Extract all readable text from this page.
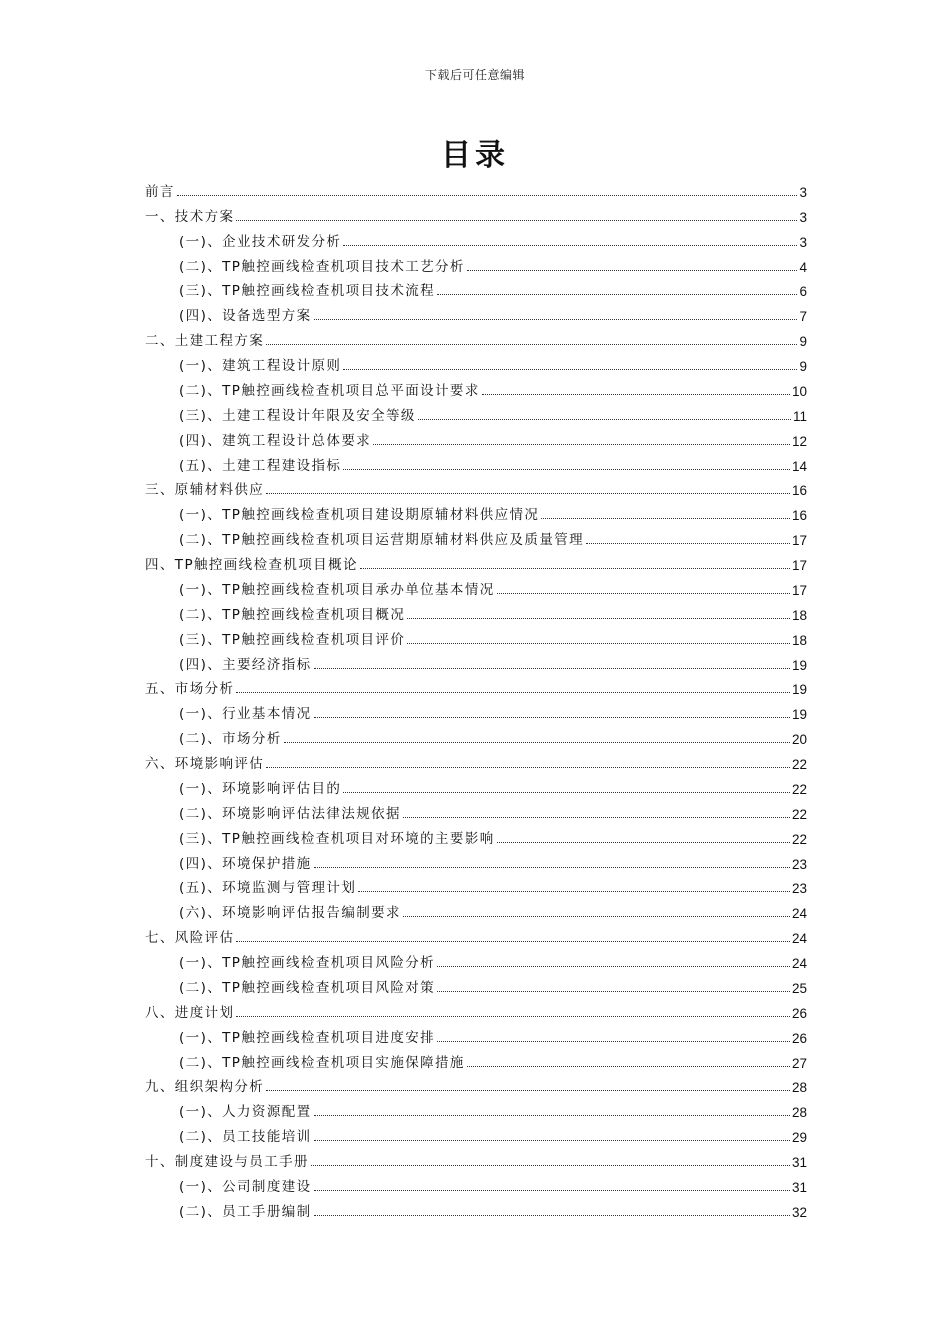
下载后可任意编辑
目录
前言	3
一、技术方案	3
(一)、企业技术研发分析	3
(二)、TP触控画线检查机项目技术工艺分析	4
(三)、TP触控画线检查机项目技术流程	6
(四)、设备选型方案	7
二、土建工程方案	9
(一)、建筑工程设计原则	9
(二)、TP触控画线检查机项目总平面设计要求	10
(三)、土建工程设计年限及安全等级	11
(四)、建筑工程设计总体要求	12
(五)、土建工程建设指标	14
三、原辅材料供应	16
(一)、TP触控画线检查机项目建设期原辅材料供应情况	16
(二)、TP触控画线检查机项目运营期原辅材料供应及质量管理	17
四、TP触控画线检查机项目概论	17
(一)、TP触控画线检查机项目承办单位基本情况	17
(二)、TP触控画线检查机项目概况	18
(三)、TP触控画线检查机项目评价	18
(四)、主要经济指标	19
五、市场分析	19
(一)、行业基本情况	19
(二)、市场分析	20
六、环境影响评估	22
(一)、环境影响评估目的	22
(二)、环境影响评估法律法规依据	22
(三)、TP触控画线检查机项目对环境的主要影响	22
(四)、环境保护措施	23
(五)、环境监测与管理计划	23
(六)、环境影响评估报告编制要求	24
七、风险评估	24
(一)、TP触控画线检查机项目风险分析	24
(二)、TP触控画线检查机项目风险对策	25
八、进度计划	26
(一)、TP触控画线检查机项目进度安排	26
(二)、TP触控画线检查机项目实施保障措施	27
九、组织架构分析	28
(一)、人力资源配置	28
(二)、员工技能培训	29
十、制度建设与员工手册	31
(一)、公司制度建设	31
(二)、员工手册编制	32
